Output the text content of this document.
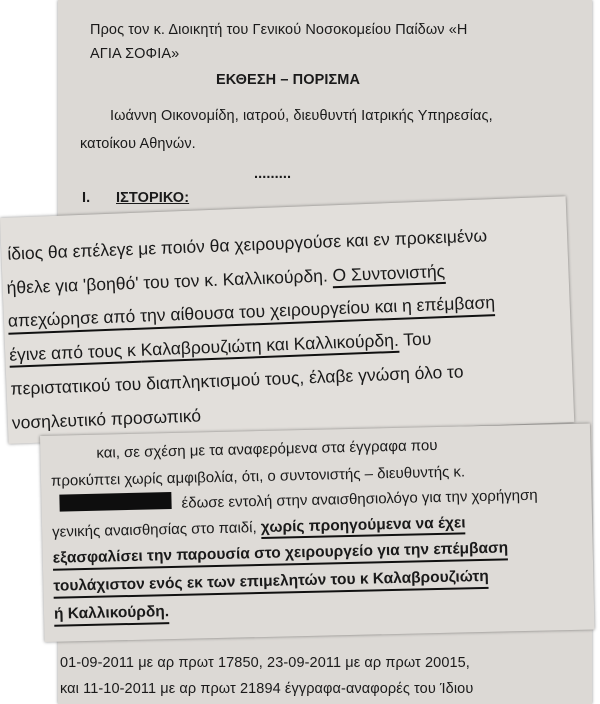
Προς τον κ. Διοικητή του Γενικού Νοσοκομείου Παίδων «Η
ΑΓΙΑ ΣΟΦΙΑ»
ΕΚΘΕΣΗ – ΠΟΡΙΣΜΑ
Ιωάννη Οικονομίδη, ιατρού, διευθυντή Ιατρικής Υπηρεσίας,
κατοίκου Αθηνών.
.........
I. ΙΣΤΟΡΙΚΟ:
01-09-2011 με αρ πρωτ 17850, 23-09-2011 με αρ πρωτ 20015,
και 11-10-2011 με αρ πρωτ 21894 έγγραφα-αναφορές του Ίδιου
ίδιος θα επέλεγε με ποιόν θα χειρουργούσε και εν προκειμένω
ήθελε για 'βοηθό' του τον κ. Καλλικούρδη. Ο Συντονιστής
απεχώρησε από την αίθουσα του χειρουργείου και η επέμβαση
έγινε από τους κ Καλαβρουζιώτη και Καλλικούρδη. Του
περιστατικού του διαπληκτισμού τους, έλαβε γνώση όλο το
νοσηλευτικό προσωπικό
και, σε σχέση με τα αναφερόμενα στα έγγραφα που
προκύπτει χωρίς αμφιβολία, ότι, ο συντονιστής – διευθυντής κ.
έδωσε εντολή στην αναισθησιολόγο για την χορήγηση
γενικής αναισθησίας στο παιδί, χωρίς προηγούμενα να έχει
εξασφαλίσει την παρουσία στο χειρουργείο για την επέμβαση
τουλάχιστον ενός εκ των επιμελητών του κ Καλαβρουζιώτη
ή Καλλικούρδη.
